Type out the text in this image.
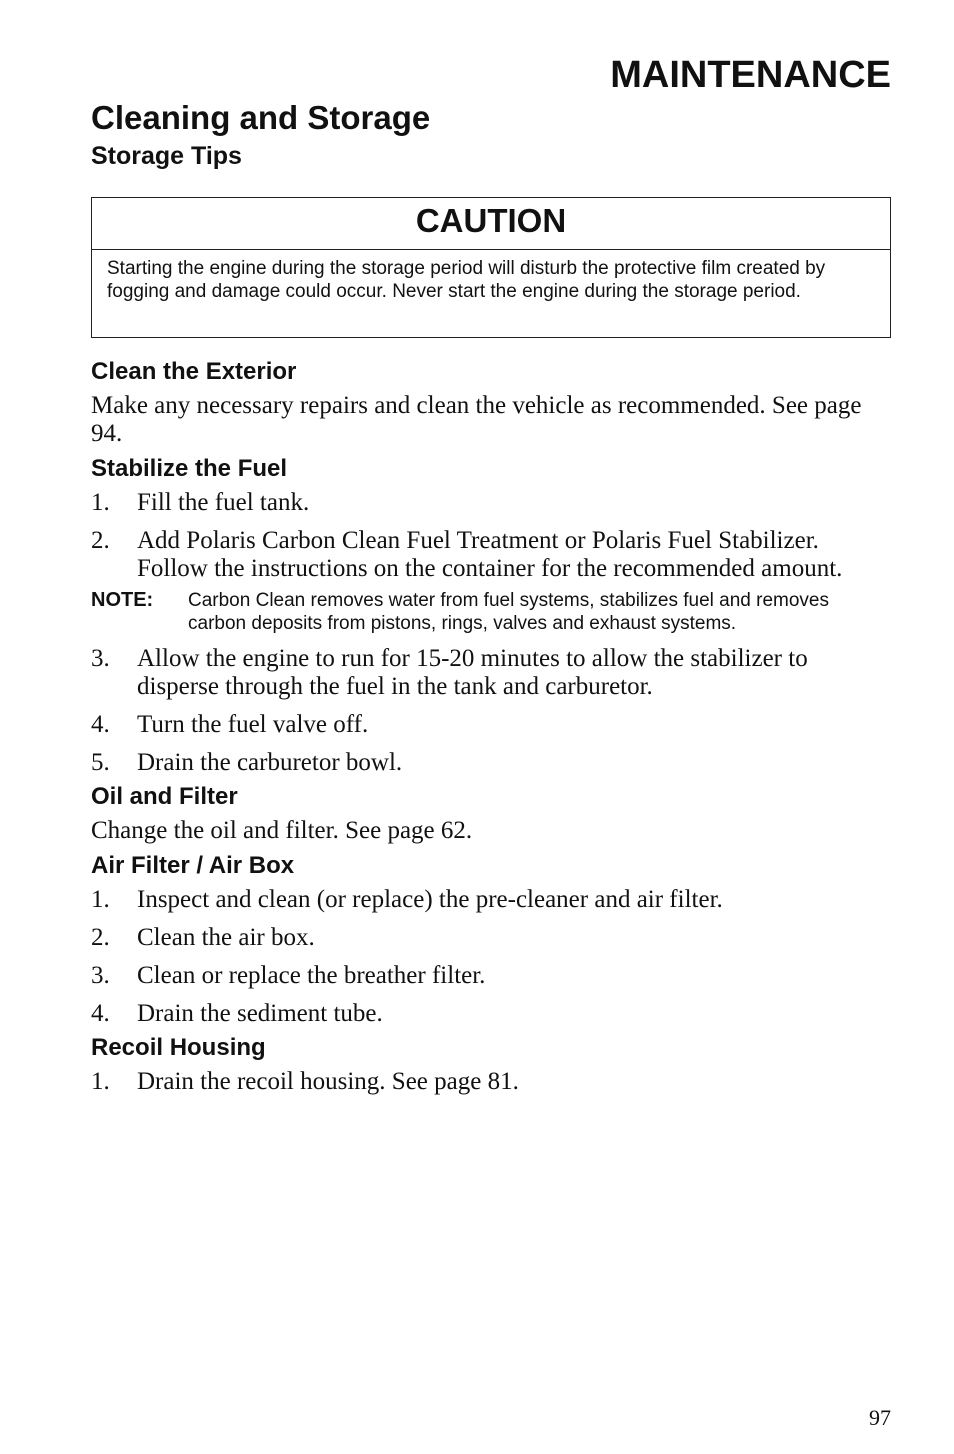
MAINTENANCE
Cleaning and Storage
Storage Tips
CAUTION
Starting the engine during the storage period will disturb the protective film created by fogging and damage could occur. Never start the engine during the storage period.
Clean the Exterior

Make any necessary repairs and clean the vehicle as recommended. See page 94.

Stabilize the Fuel
1. Fill the fuel tank.
2. Add Polaris Carbon Clean Fuel Treatment or Polaris Fuel Stabilizer. Follow the instructions on the container for the recommended amount.
NOTE: Carbon Clean removes water from fuel systems, stabilizes fuel and removes carbon deposits from pistons, rings, valves and exhaust systems.
3. Allow the engine to run for 15-20 minutes to allow the stabilizer to disperse through the fuel in the tank and carburetor.
4. Turn the fuel valve off.
5. Drain the carburetor bowl.
Oil and Filter

Change the oil and filter. See page 62.

Air Filter / Air Box
1. Inspect and clean (or replace) the pre-cleaner and air filter.
2. Clean the air box.
3. Clean or replace the breather filter.
4. Drain the sediment tube.
Recoil Housing
1. Drain the recoil housing. See page 81.
97
